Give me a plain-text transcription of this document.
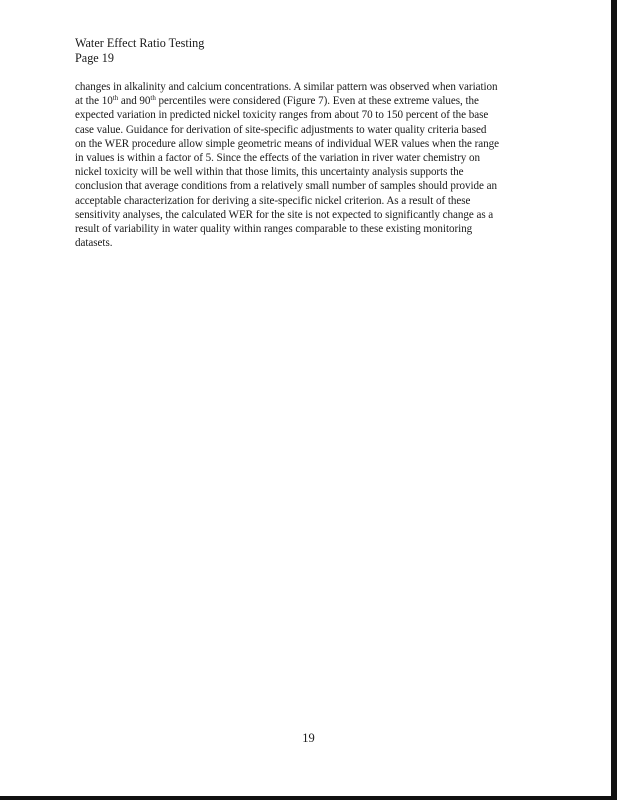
Water Effect Ratio Testing
Page 19
changes in alkalinity and calcium concentrations. A similar pattern was observed when variation
at the 10th and 90th percentiles were considered (Figure 7). Even at these extreme values, the
expected variation in predicted nickel toxicity ranges from about 70 to 150 percent of the base
case value. Guidance for derivation of site-specific adjustments to water quality criteria based
on the WER procedure allow simple geometric means of individual WER values when the range
in values is within a factor of 5. Since the effects of the variation in river water chemistry on
nickel toxicity will be well within that those limits, this uncertainty analysis supports the
conclusion that average conditions from a relatively small number of samples should provide an
acceptable characterization for deriving a site-specific nickel criterion. As a result of these
sensitivity analyses, the calculated WER for the site is not expected to significantly change as a
result of variability in water quality within ranges comparable to these existing monitoring
datasets.
19
